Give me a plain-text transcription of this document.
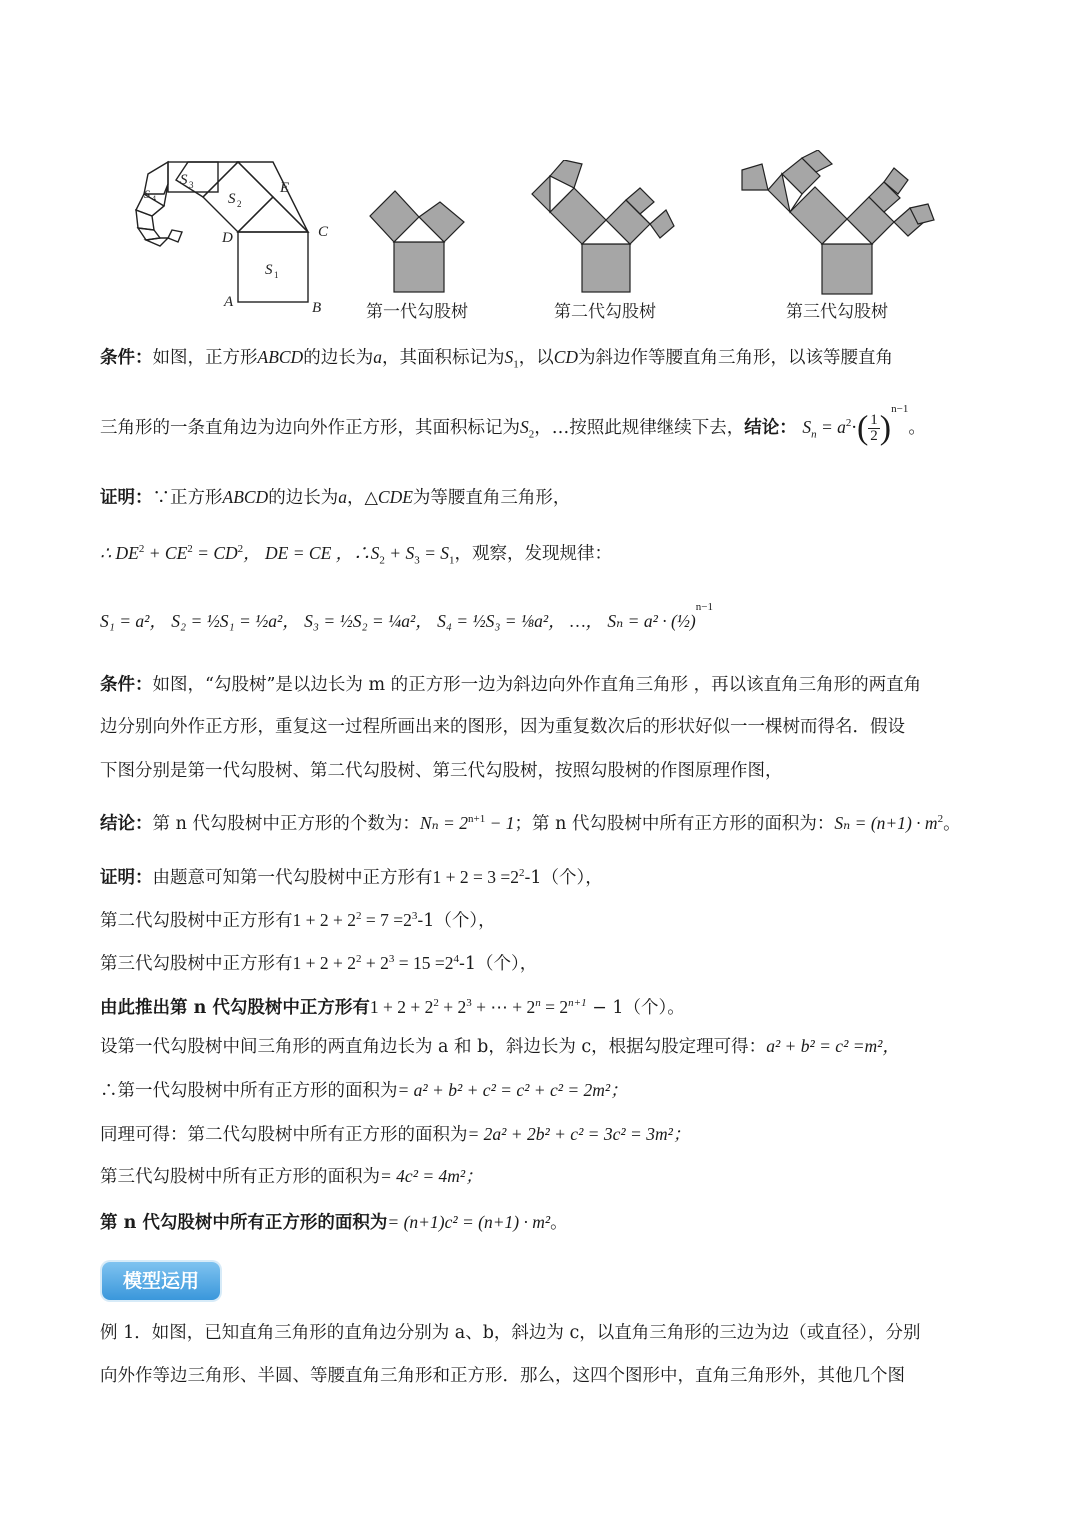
S 1
S 2
S 3
S 4
A	B
C
D
E
第一代勾股树	第二代勾股树	第三代勾股树
条件：如图，正方形ABCD的边长为a，其面积标记为$S_1$，以CD为斜边作等腰直角三角形，以该等腰直角
三角形的一条直角边为边向外作正方形，其面积标记为$S_2$，…按照此规律继续下去，结论： $S_n = a^2\cdot( \frac{1}{2} )^{n-1}$。
证明：∵正方形ABCD的边长为a，△CDE为等腰直角三角形，
∴ $DE^2 + CE^2 = CD^2$， DE = CE ，$\therefore S_2 + S_3 = S_1$，观察，发现规律：
S₁ = a²， S₂ = ½S₁ = ½a²， S₃ = ½S₂ = ¼a²， S₄ = ½S₃ = ⅛a²， …， Sₙ = a² · (½)$^{n-1}$
条件：如图，“勾股树”是以边长为 m 的正方形一边为斜边向外作直角三角形 ，再以该直角三角形的两直角
边分别向外作正方形，重复这一过程所画出来的图形，因为重复数次后的形状好似一一棵树而得名．假设
下图分别是第一代勾股树、第二代勾股树、第三代勾股树，按照勾股树的作图原理作图，
结论：第 n 代勾股树中正方形的个数为：$N_n = 2^{n+1} - 1$；第 n 代勾股树中所有正方形的面积为：$S_n = (n+1) \cdot m^2$。
证明：由题意可知第一代勾股树中正方形有$1 + 2 = 3 =2^2-1$（个），
第二代勾股树中正方形有$1 + 2 + 2^2 = 7 =2^3-1$（个），
第三代勾股树中正方形有$1 + 2 + 2^2 + 2^3 = 15 =2^4-1$（个），
由此推出第 n 代勾股树中正方形有$1 + 2 + 2^2 + 2^3$ + ⋯ + $2^n = 2^{n+1} - 1$（个）。
设第一代勾股树中间三角形的两直角边长为 a 和 b，斜边长为 c，根据勾股定理可得：a² + b² = c² =m²，
∴第一代勾股树中所有正方形的面积为= a² + b² + c² = c² + c² = 2m²；
同理可得：第二代勾股树中所有正方形的面积为= 2a² + 2b² + c² = 3c² = 3m²；
第三代勾股树中所有正方形的面积为= 4c² = 4m²；
第 n 代勾股树中所有正方形的面积为= (n+1)c² = (n+1) · m²。
模型运用
例 1．如图，已知直角三角形的直角边分别为 a、b，斜边为 c，以直角三角形的三边为边（或直径），分别
向外作等边三角形、半圆、等腰直角三角形和正方形．那么，这四个图形中，直角三角形外，其他几个图
